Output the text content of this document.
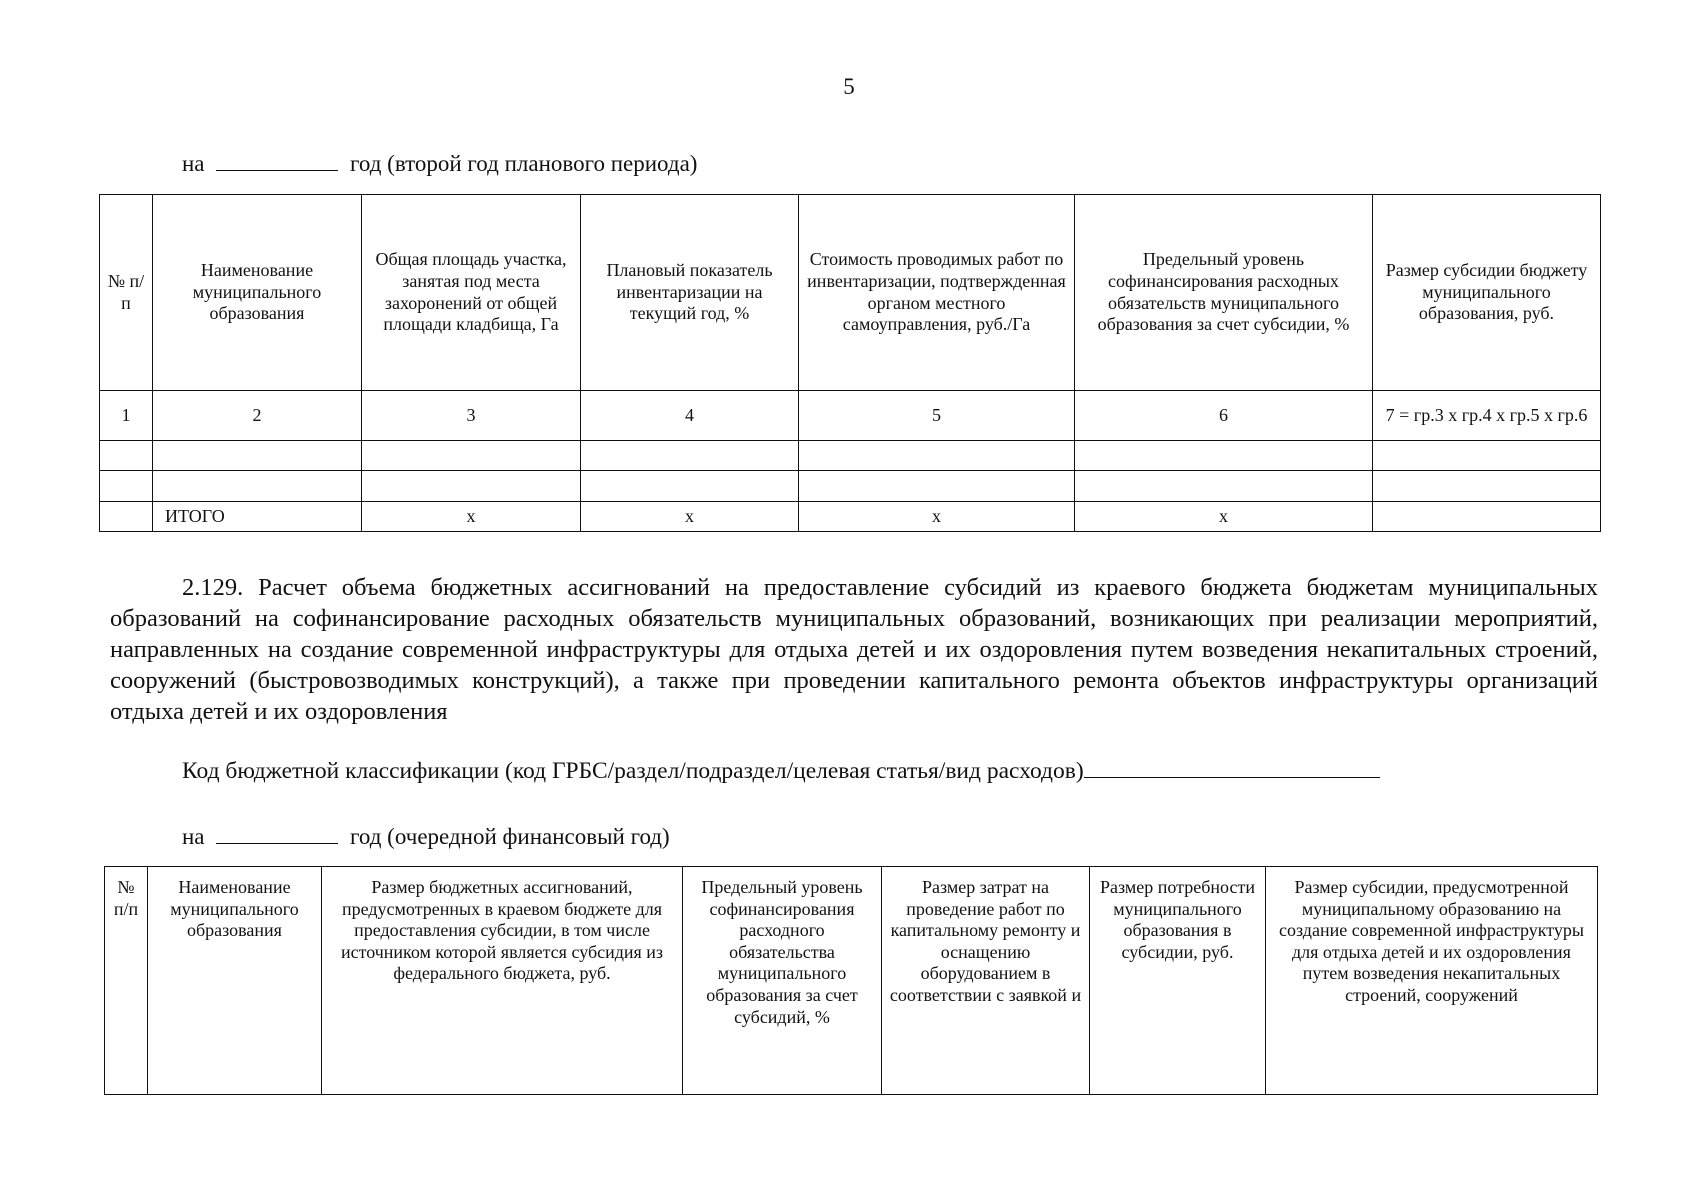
5
на	год (второй год планового периода)
№ п/п	Наименование муниципального образования	Общая площадь участка, занятая под места захоронений от общей площади кладбища, Га	Плановый показатель инвентаризации на текущий год, %	Стоимость проводимых работ по инвентаризации, подтвержденная органом местного самоуправления, руб./Га	Предельный уровень софинансирования расходных обязательств муниципального образования за счет субсидии, %	Размер субсидии бюджету муниципального образования, руб.
1	2	3	4	5	6	7 = гр.3 x гр.4 x гр.5 x гр.6

	ИТОГО	x	x	x	x	
2.129. Расчет объема бюджетных ассигнований на предоставление субсидий из краевого бюджета бюджетам муниципальных образований на софинансирование расходных обязательств муниципальных образований, возникающих при реализации мероприятий, направленных на создание современной инфраструктуры для отдыха детей и их оздоровления путем возведения некапитальных строений, сооружений (быстровозводимых конструкций), а также при проведении капитального ремонта объектов инфраструктуры организаций отдыха детей и их оздоровления
Код бюджетной классификации (код ГРБС/раздел/подраздел/целевая статья/вид расходов)
на	год (очередной финансовый год)
№ п/п	Наименование муниципального образования	Размер бюджетных ассигнований, предусмотренных в краевом бюджете для предоставления субсидии, в том числе источником которой является субсидия из федерального бюджета, руб.	Предельный уровень софинансирования расходного обязательства муниципального образования за счет субсидий, %	Размер затрат на проведение работ по капитальному ремонту и оснащению оборудованием в соответствии с заявкой и	Размер потребности муниципального образования в субсидии, руб.	Размер субсидии, предусмотренной муниципальному образованию на создание современной инфраструктуры для отдыха детей и их оздоровления путем возведения некапитальных строений, сооружений
